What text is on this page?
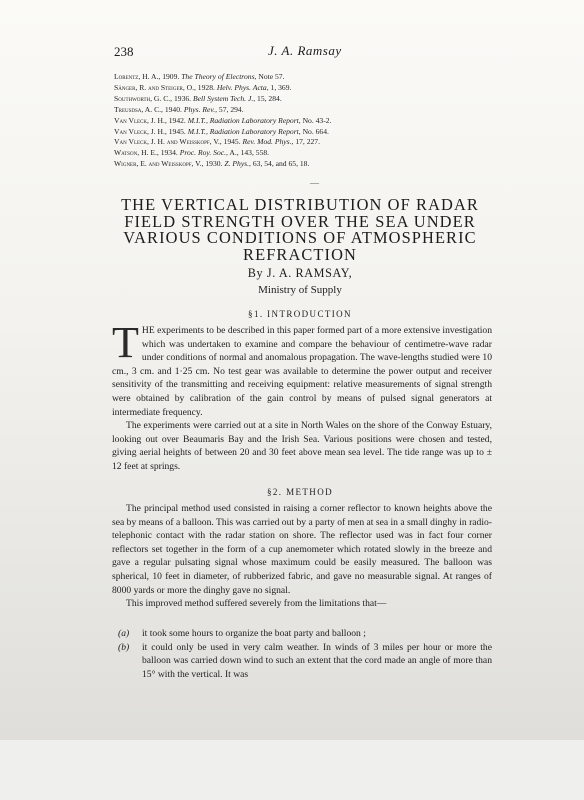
238	J. A. Ramsay
Lorentz, H. A., 1909. The Theory of Electrons, Note 57.
Sänger, R. and Steiger, O., 1928. Helv. Phys. Acta, 1, 369.
Southworth, G. C., 1936. Bell System Tech. J., 15, 284.
Treusdsa, A. C., 1940. Phys. Rev., 57, 294.
Van Vleck, J. H., 1942. M.I.T., Radiation Laboratory Report, No. 43-2.
Van Vleck, J. H., 1945. M.I.T., Radiation Laboratory Report, No. 664.
Van Vleck, J. H. and Weisskopf, V., 1945. Rev. Mod. Phys., 17, 227.
Watson, H. E., 1934. Proc. Roy. Soc., A., 143, 558.
Wigner, E. and Weisskopf, V., 1930. Z. Phys., 63, 54, and 65, 18.
—
THE VERTICAL DISTRIBUTION OF RADAR FIELD STRENGTH OVER THE SEA UNDER VARIOUS CONDITIONS OF ATMOSPHERIC REFRACTION
By J. A. RAMSAY,
Ministry of Supply
§1. INTRODUCTION

THE experiments to be described in this paper formed part of a more extensive investigation which was undertaken to examine and compare the behaviour of centimetre-wave radar under conditions of normal and anomalous propagation. The wave-lengths studied were 10 cm., 3 cm. and 1·25 cm. No test gear was available to determine the power output and receiver sensitivity of the transmitting and receiving equipment: relative measurements of signal strength were obtained by calibration of the gain control by means of pulsed signal generators at intermediate frequency.

The experiments were carried out at a site in North Wales on the shore of the Conway Estuary, looking out over Beaumaris Bay and the Irish Sea. Various positions were chosen and tested, giving aerial heights of between 20 and 30 feet above mean sea level. The tide range was up to ± 12 feet at springs.

§2. METHOD

The principal method used consisted in raising a corner reflector to known heights above the sea by means of a balloon. This was carried out by a party of men at sea in a small dinghy in radio-telephonic contact with the radar station on shore. The reflector used was in fact four corner reflectors set together in the form of a cup anemometer which rotated slowly in the breeze and gave a regular pulsating signal whose maximum could be easily measured. The balloon was spherical, 10 feet in diameter, of rubberized fabric, and gave no measurable signal. At ranges of 8000 yards or more the dinghy gave no signal.

This improved method suffered severely from the limitations that—

(a) it took some hours to organize the boat party and balloon ;
(b) it could only be used in very calm weather. In winds of 3 miles per hour or more the balloon was carried down wind to such an extent that the cord made an angle of more than 15° with the vertical. It was
